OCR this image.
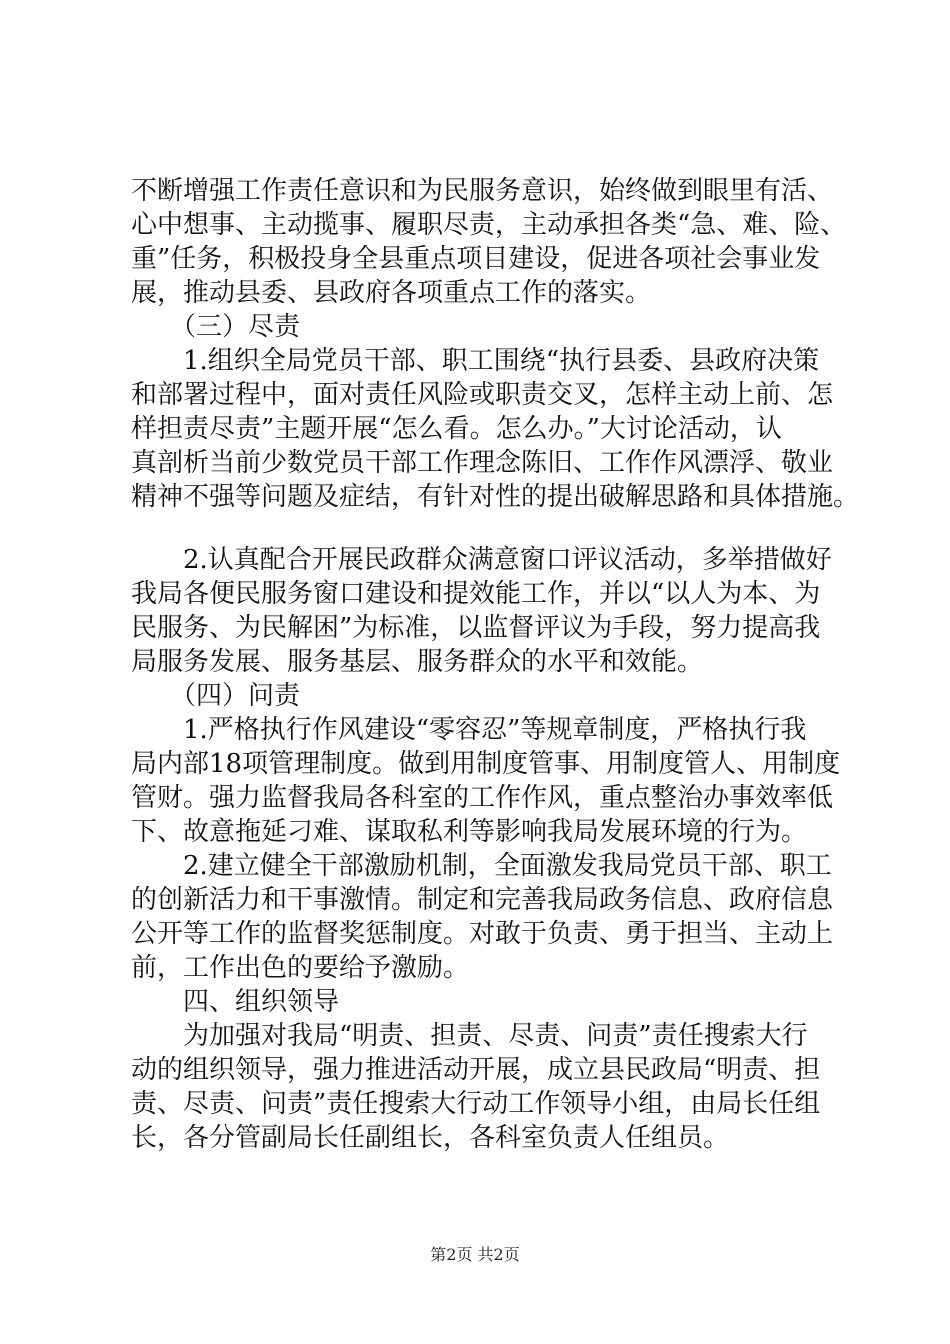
不断增强工作责任意识和为民服务意识，始终做到眼里有活、
心中想事、主动揽事、履职尽责，主动承担各类“急、难、险、
重”任务，积极投身全县重点项目建设，促进各项社会事业发
展，推动县委、县政府各项重点工作的落实。
（三）尽责
1.组织全局党员干部、职工围绕“执行县委、县政府决策
和部署过程中，面对责任风险或职责交叉，怎样主动上前、怎
样担责尽责”主题开展“怎么看。怎么办。”大讨论活动，认
真剖析当前少数党员干部工作理念陈旧、工作作风漂浮、敬业
精神不强等问题及症结，有针对性的提出破解思路和具体措施。
2.认真配合开展民政群众满意窗口评议活动，多举措做好
我局各便民服务窗口建设和提效能工作，并以“以人为本、为
民服务、为民解困”为标准，以监督评议为手段，努力提高我
局服务发展、服务基层、服务群众的水平和效能。
（四）问责
1.严格执行作风建设“零容忍”等规章制度，严格执行我
局内部18项管理制度。做到用制度管事、用制度管人、用制度
管财。强力监督我局各科室的工作作风，重点整治办事效率低
下、故意拖延刁难、谋取私利等影响我局发展环境的行为。
2.建立健全干部激励机制，全面激发我局党员干部、职工
的创新活力和干事激情。制定和完善我局政务信息、政府信息
公开等工作的监督奖惩制度。对敢于负责、勇于担当、主动上
前，工作出色的要给予激励。
四、组织领导
为加强对我局“明责、担责、尽责、问责”责任搜索大行
动的组织领导，强力推进活动开展，成立县民政局“明责、担
责、尽责、问责”责任搜索大行动工作领导小组，由局长任组
长，各分管副局长任副组长，各科室负责人任组员。
第2页 共2页
